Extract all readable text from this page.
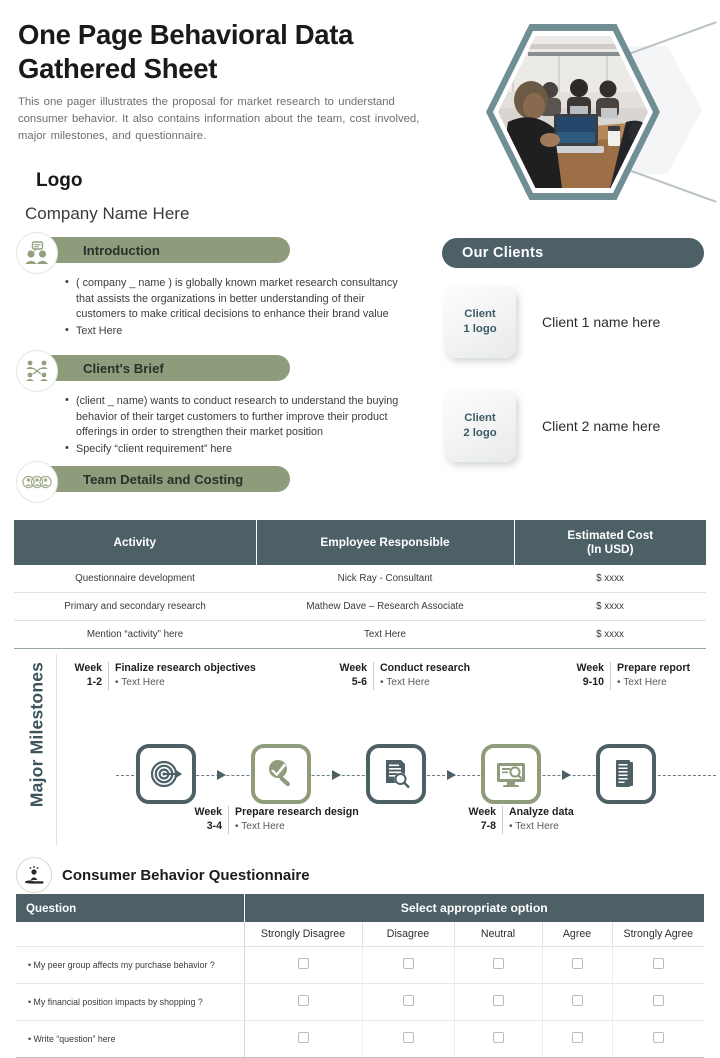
One Page Behavioral Data Gathered Sheet
This one pager illustrates the proposal for market research to understand consumer behavior. It also contains information about the team, cost involved, major milestones, and questionnaire.
Logo
Company Name Here
Introduction
• ( company _ name ) is globally known market research consultancy that assists the organizations in better understanding of their customers to make critical decisions to enhance their brand value
• Text Here
Client's Brief
• (client _ name) wants to conduct research to understand the buying behavior of their target customers to further improve their product offerings in order to strengthen their market position
• Specify “client requirement” here
Team Details and Costing
Our Clients
Client
1 logo	Client 1 name here
Client
2 logo	Client 2 name here
Activity	Employee Responsible	Estimated Cost
(In USD)
Questionnaire development	Nick Ray - Consultant	$ xxxx
Primary and secondary research	Mathew Dave – Research Associate	$ xxxx
Mention “activity” here	Text Here	$ xxxx
Major Milestones	Week
1-2
Finalize research objectives
• Text Here
Week
5-6
Conduct research
• Text Here
Week
9-10
Prepare report
• Text Here
Week
3-4
Prepare research design
• Text Here
Week
7-8
Analyze data
• Text Here
Consumer Behavior Questionnaire
Question	Select appropriate option				
	Strongly Disagree	Disagree	Neutral	Agree	Strongly Agree
• My peer group affects my purchase behavior ?					
• My financial position impacts by shopping ?					
• Write “question” here					
